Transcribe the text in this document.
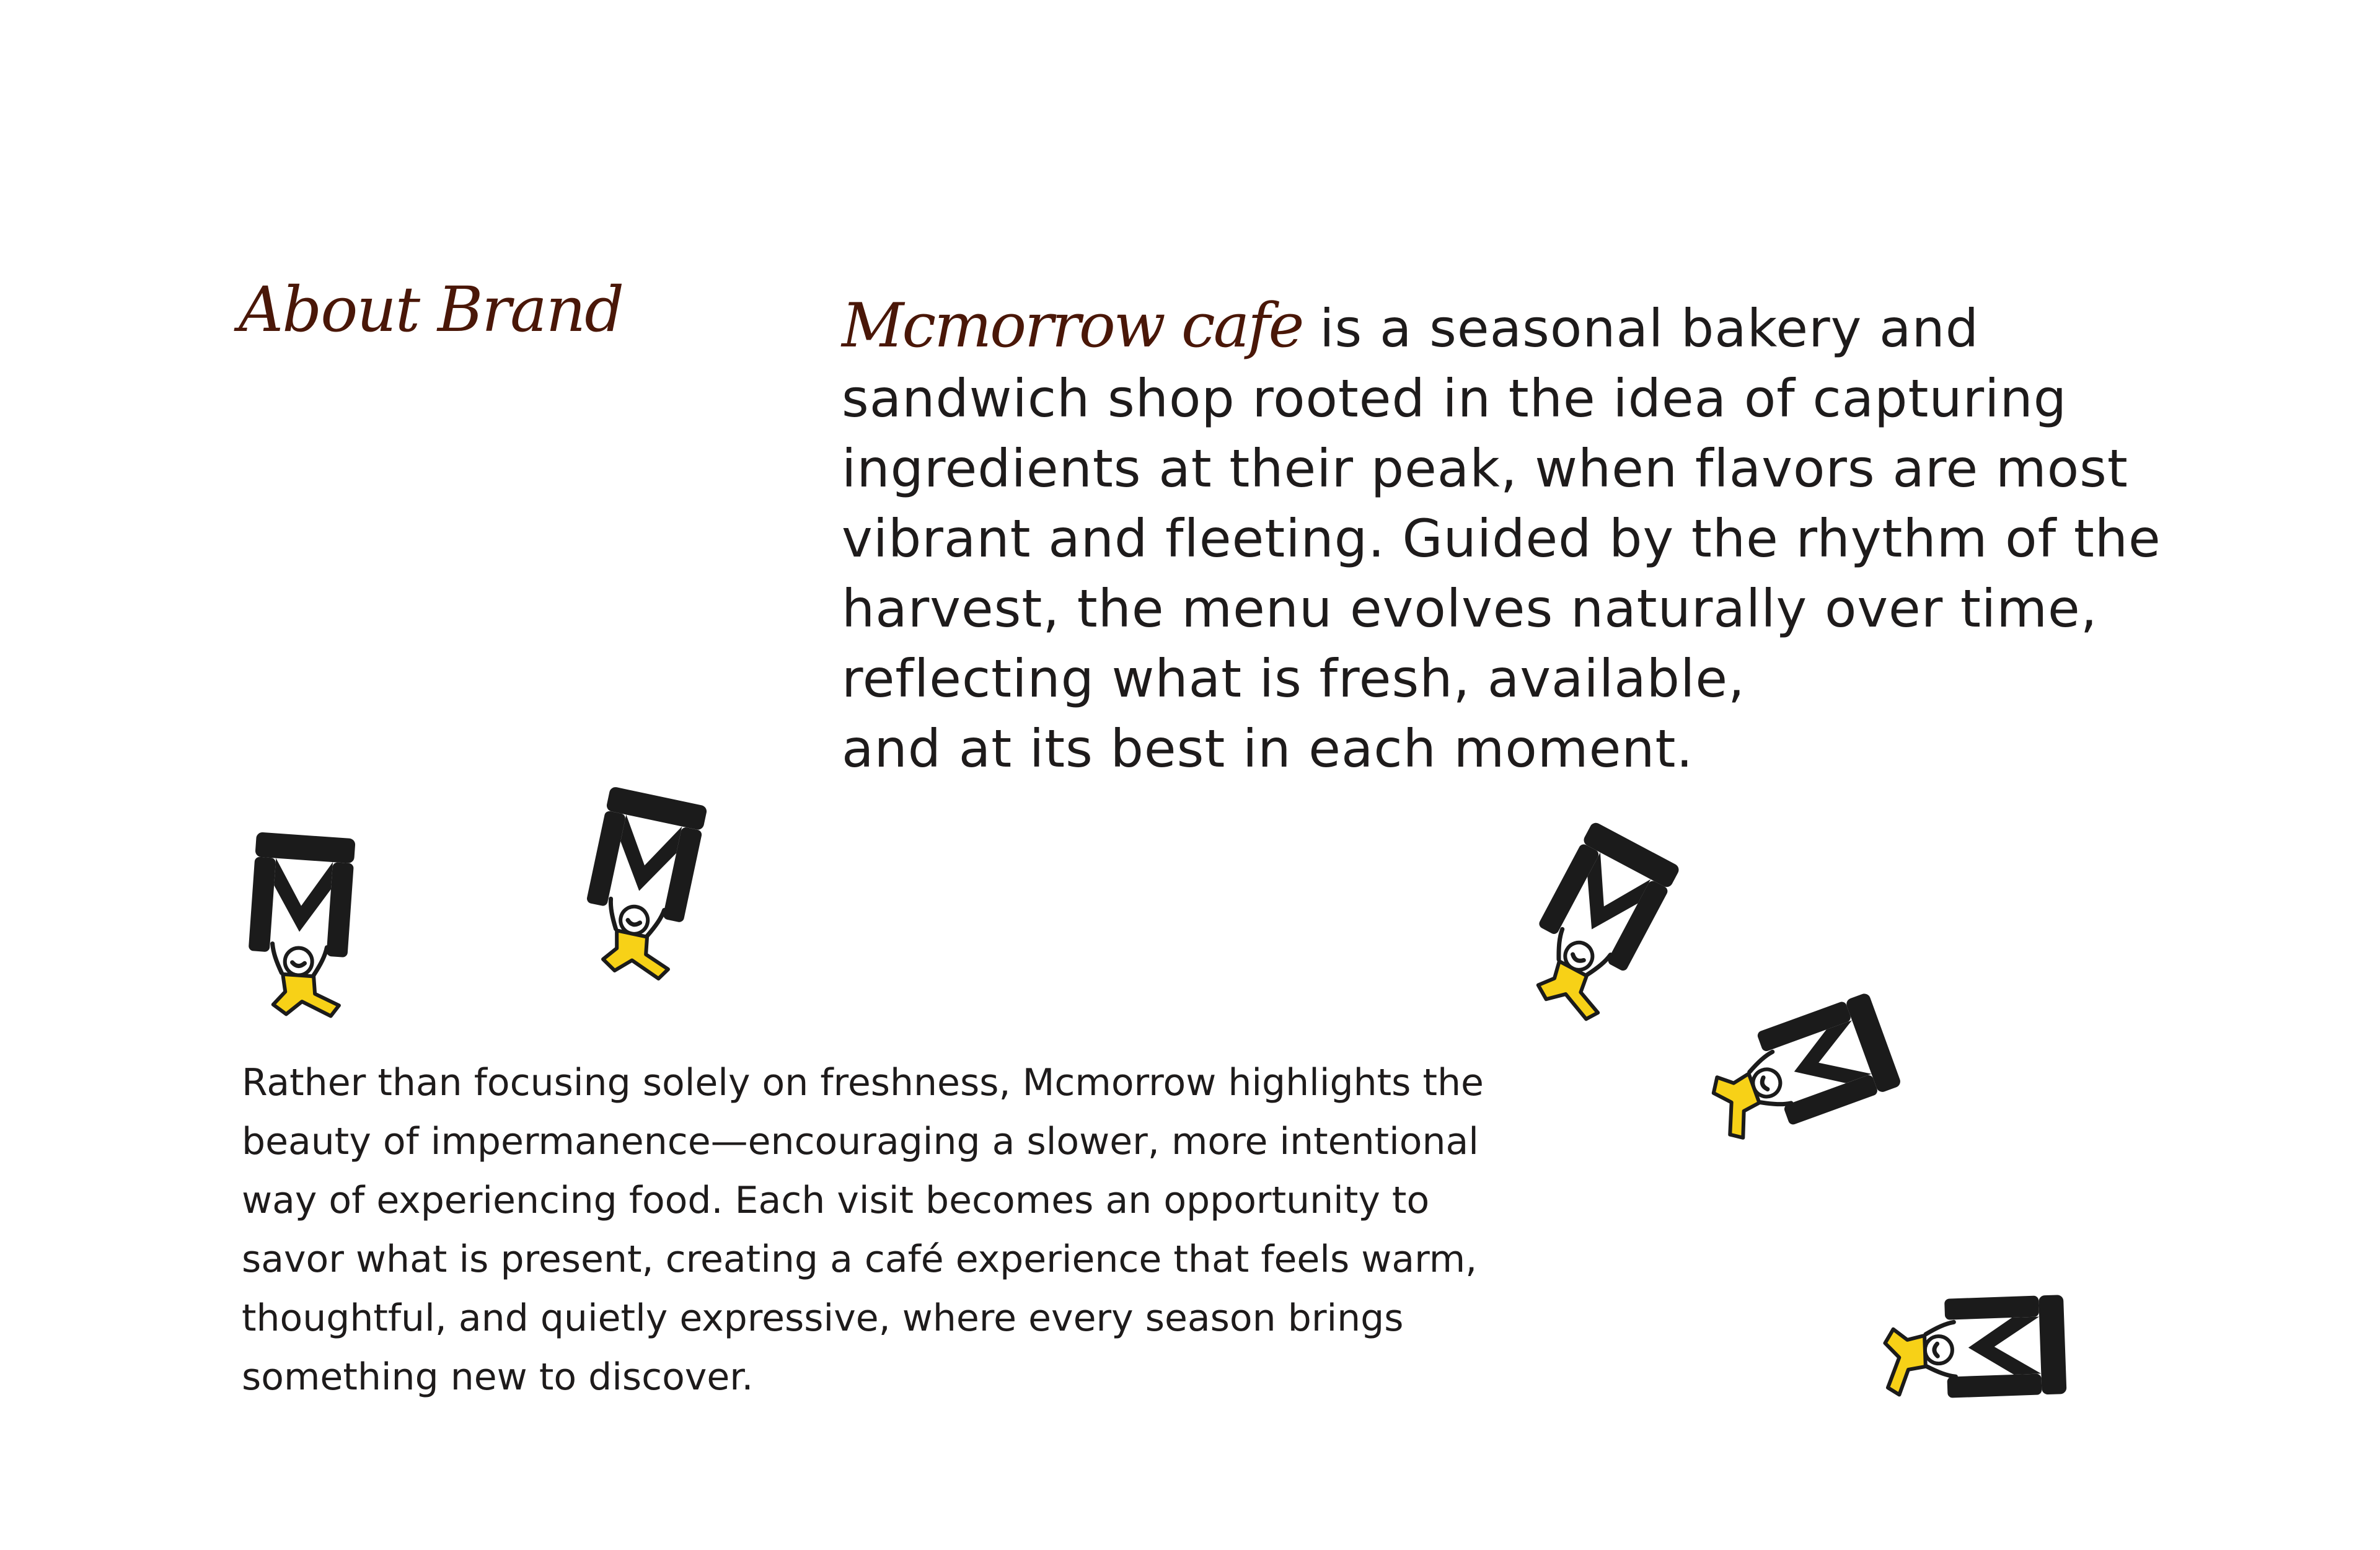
About Brand	Mcmorrow cafe is a seasonal bakery and
sandwich shop rooted in the idea of capturing
ingredients at their peak, when flavors are most
vibrant and fleeting. Guided by the rhythm of the
harvest, the menu evolves naturally over time,
reflecting what is fresh, available,
and at its best in each moment.

Rather than focusing solely on freshness, Mcmorrow highlights the
beauty of impermanence—encouraging a slower, more intentional
way of experiencing food. Each visit becomes an opportunity to
savor what is present, creating a café experience that feels warm,
thoughtful, and quietly expressive, where every season brings
something new to discover.
